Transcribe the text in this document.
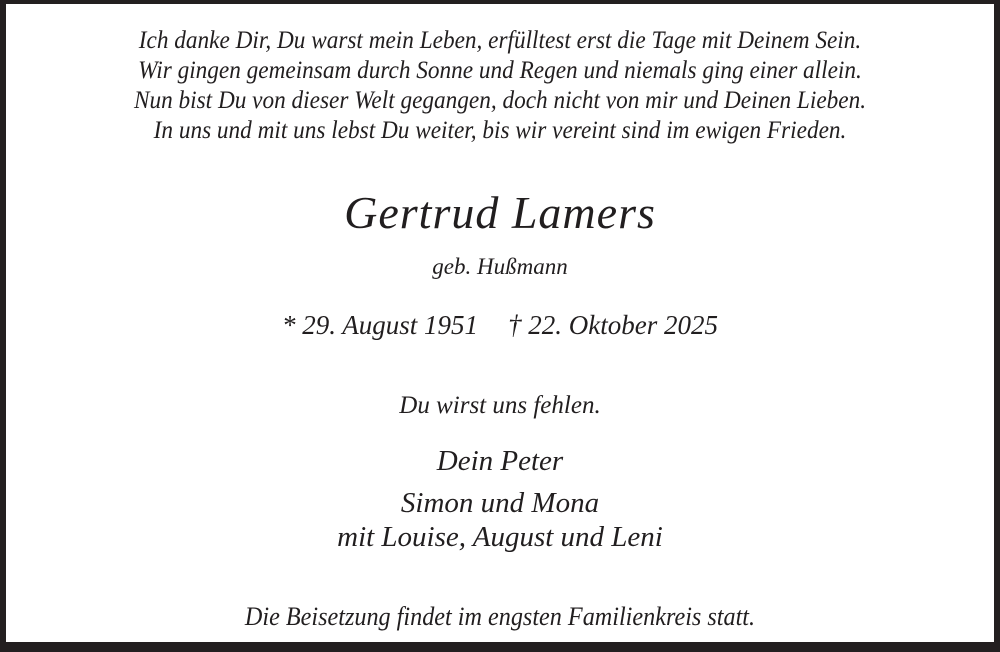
Ich danke Dir, Du warst mein Leben, erfülltest erst die Tage mit Deinem Sein.
Wir gingen gemeinsam durch Sonne und Regen und niemals ging einer allein.
Nun bist Du von dieser Welt gegangen, doch nicht von mir und Deinen Lieben.
In uns und mit uns lebst Du weiter, bis wir vereint sind im ewigen Frieden.
Gertrud Lamers
geb. Hußmann
* 29. August 1951 † 22. Oktober 2025
Du wirst uns fehlen.
Dein Peter
Simon und Mona
mit Louise, August und Leni
Die Beisetzung findet im engsten Familienkreis statt.
